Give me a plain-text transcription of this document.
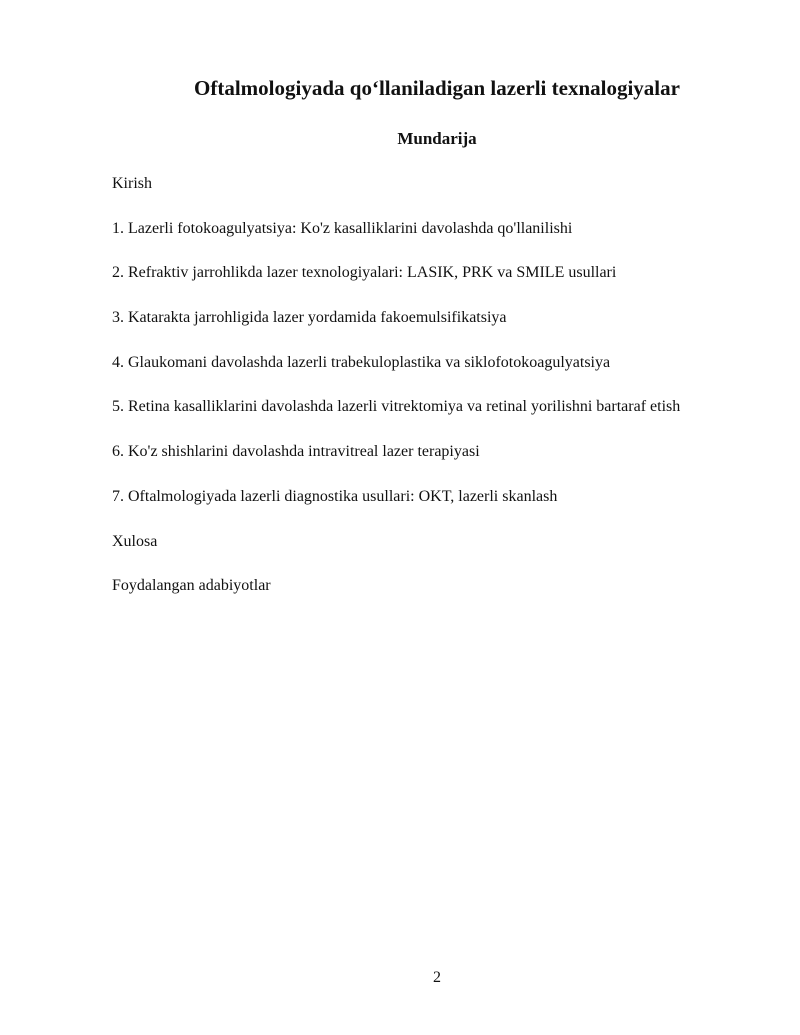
Oftalmologiyada qo‘llaniladigan lazerli texnalogiyalar
Mundarija
Kirish
1. Lazerli fotokoagulyatsiya: Ko'z kasalliklarini davolashda qo'llanilishi
2. Refraktiv jarrohlikda lazer texnologiyalari: LASIK, PRK va SMILE usullari
3. Katarakta jarrohligida lazer yordamida fakoemulsifikatsiya
4. Glaukomani davolashda lazerli trabekuloplastika va siklofotokoagulyatsiya
5. Retina kasalliklarini davolashda lazerli vitrektomiya va retinal yorilishni bartaraf etish
6. Ko'z shishlarini davolashda intravitreal lazer terapiyasi
7. Oftalmologiyada lazerli diagnostika usullari: OKT, lazerli skanlash
Xulosa
Foydalangan adabiyotlar
2
